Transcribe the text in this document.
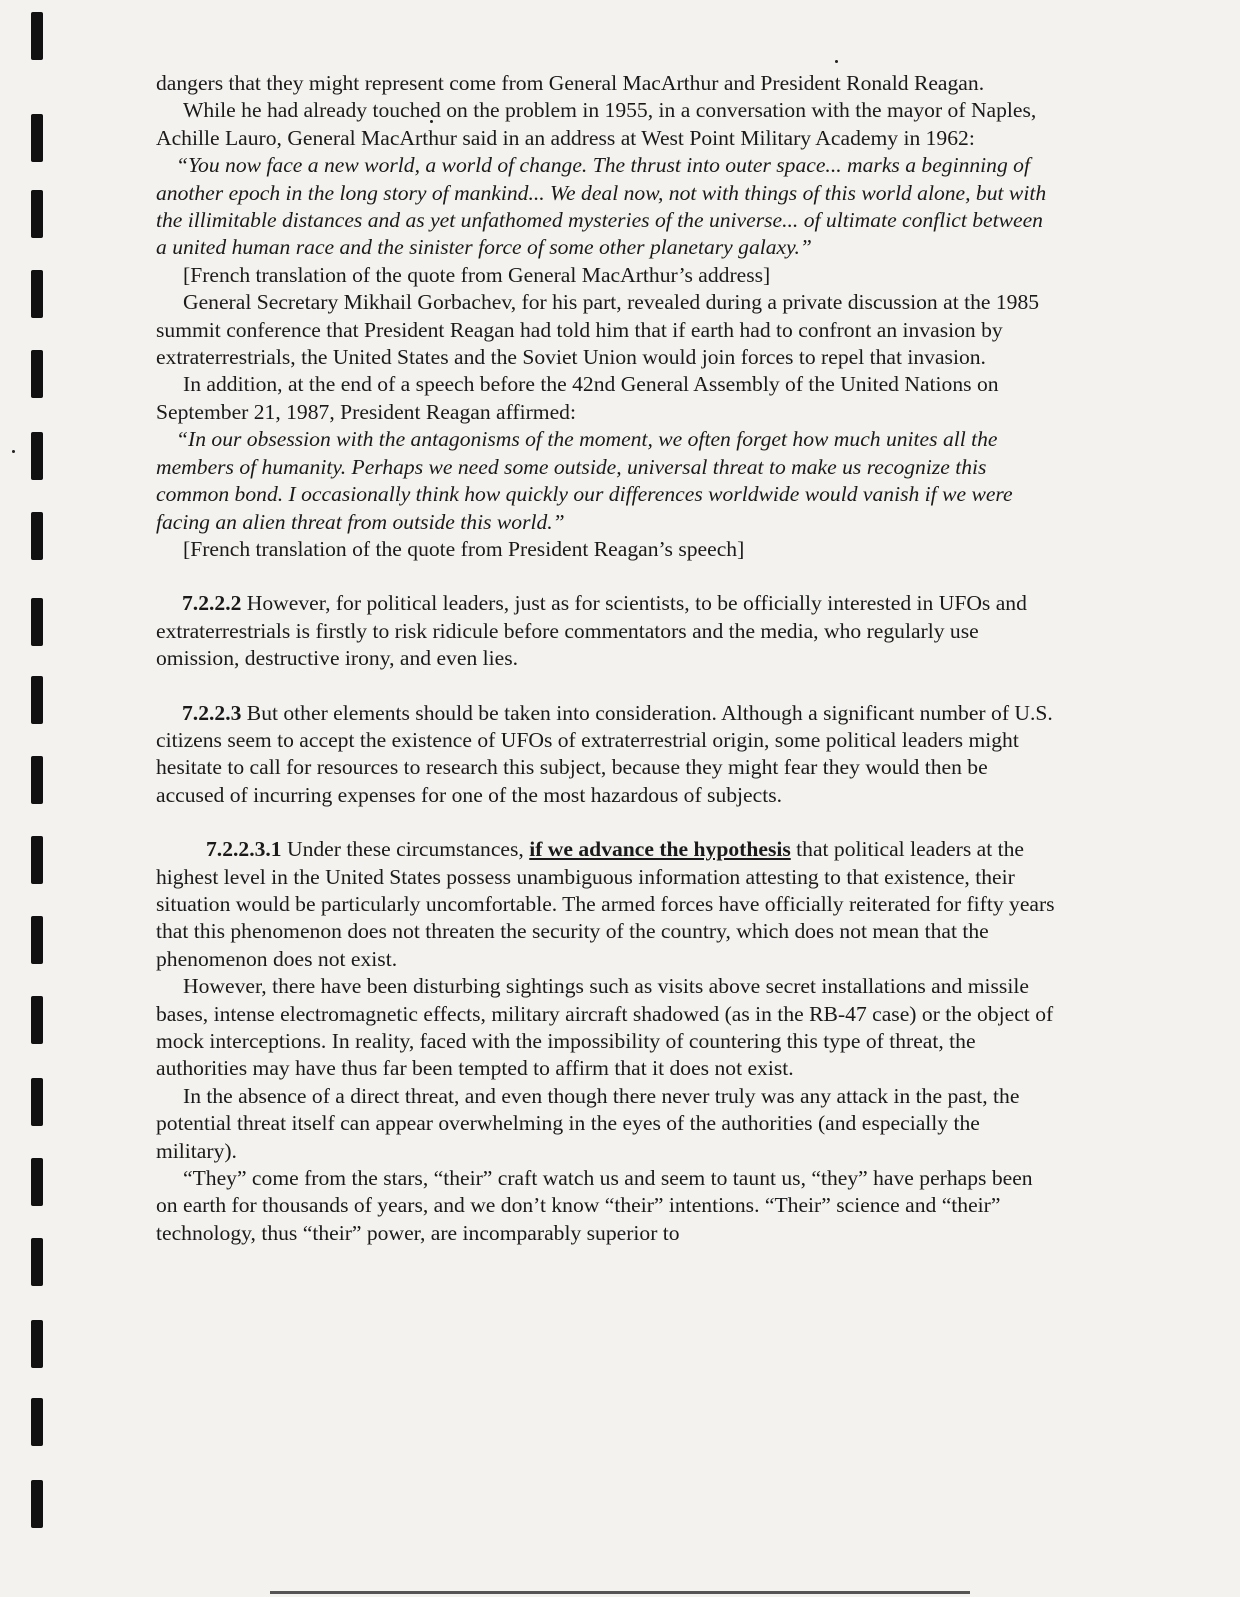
dangers that they might represent come from General MacArthur and President Ronald Reagan.

While he had already touched on the problem in 1955, in a conversation with the mayor of Naples, Achille Lauro, General MacArthur said in an address at West Point Military Academy in 1962:

“You now face a new world, a world of change. The thrust into outer space... marks a beginning of another epoch in the long story of mankind... We deal now, not with things of this world alone, but with the illimitable distances and as yet unfathomed mysteries of the universe... of ultimate conflict between a united human race and the sinister force of some other planetary galaxy.”

[French translation of the quote from General MacArthur’s address]

General Secretary Mikhail Gorbachev, for his part, revealed during a private discussion at the 1985 summit conference that President Reagan had told him that if earth had to confront an invasion by extraterrestrials, the United States and the Soviet Union would join forces to repel that invasion.

In addition, at the end of a speech before the 42nd General Assembly of the United Nations on September 21, 1987, President Reagan affirmed:

“In our obsession with the antagonisms of the moment, we often forget how much unites all the members of humanity. Perhaps we need some outside, universal threat to make us recognize this common bond. I occasionally think how quickly our differences worldwide would vanish if we were facing an alien threat from outside this world.”

[French translation of the quote from President Reagan’s speech]

7.2.2.2 However, for political leaders, just as for scientists, to be officially interested in UFOs and extraterrestrials is firstly to risk ridicule before commentators and the media, who regularly use omission, destructive irony, and even lies.

7.2.2.3 But other elements should be taken into consideration. Although a significant number of U.S. citizens seem to accept the existence of UFOs of extraterrestrial origin, some political leaders might hesitate to call for resources to research this subject, because they might fear they would then be accused of incurring expenses for one of the most hazardous of subjects.

7.2.2.3.1 Under these circumstances, if we advance the hypothesis that political leaders at the highest level in the United States possess unambiguous information attesting to that existence, their situation would be particularly uncomfortable. The armed forces have officially reiterated for fifty years that this phenomenon does not threaten the security of the country, which does not mean that the phenomenon does not exist.

However, there have been disturbing sightings such as visits above secret installations and missile bases, intense electromagnetic effects, military aircraft shadowed (as in the RB-47 case) or the object of mock interceptions. In reality, faced with the impossibility of countering this type of threat, the authorities may have thus far been tempted to affirm that it does not exist.

In the absence of a direct threat, and even though there never truly was any attack in the past, the potential threat itself can appear overwhelming in the eyes of the authorities (and especially the military).

“They” come from the stars, “their” craft watch us and seem to taunt us, “they” have perhaps been on earth for thousands of years, and we don’t know “their” intentions. “Their” science and “their” technology, thus “their” power, are incomparably superior to
